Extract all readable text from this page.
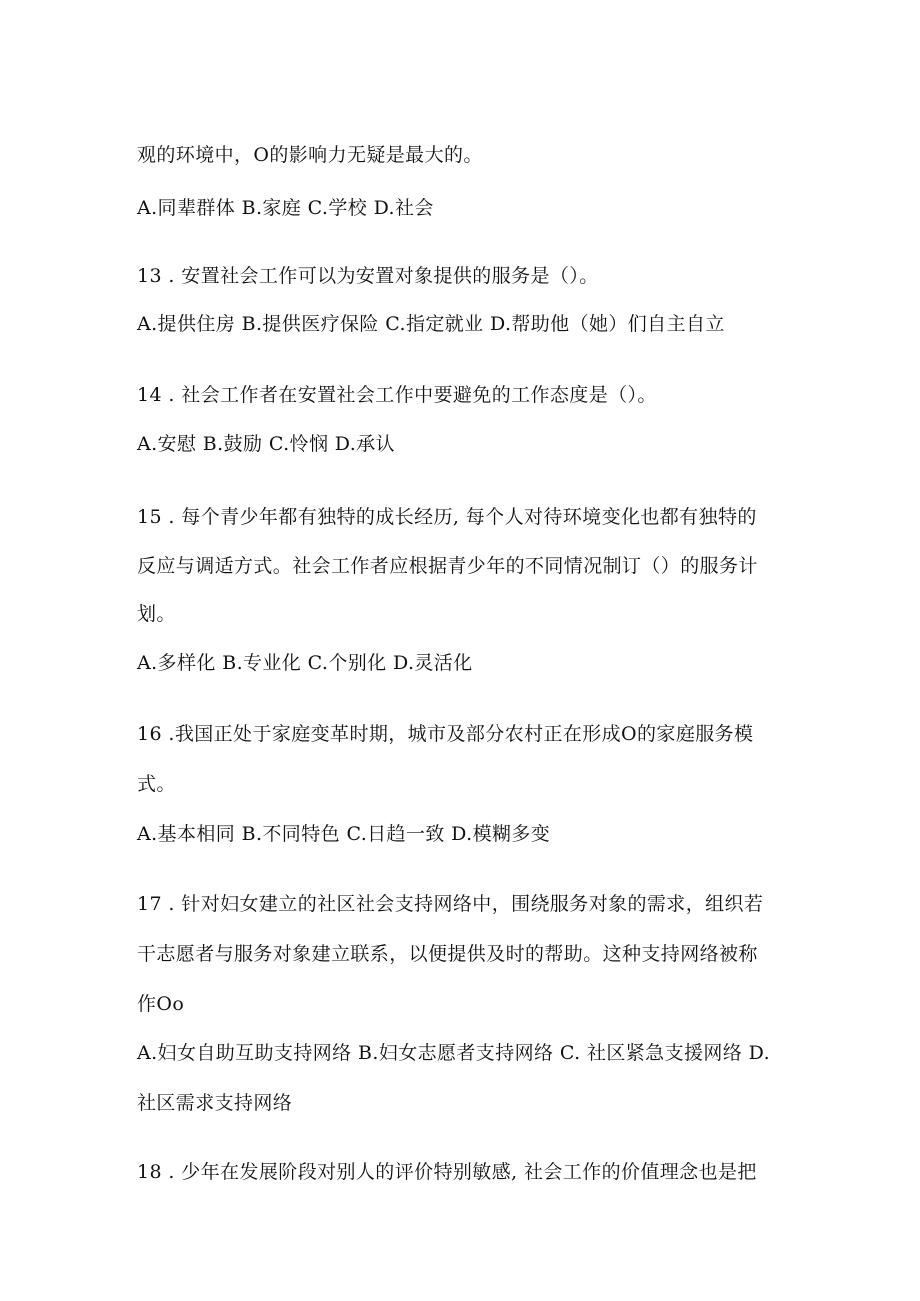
观的环境中，O的影响力无疑是最大的。
A.同辈群体 B.家庭 C.学校 D.社会
13 . 安置社会工作可以为安置对象提供的服务是（）。
A.提供住房 B.提供医疗保险 C.指定就业 D.帮助他（她）们自主自立
14 . 社会工作者在安置社会工作中要避免的工作态度是（）。
A.安慰 B.鼓励 C.怜悯 D.承认
15 . 每个青少年都有独特的成长经历, 每个人对待环境变化也都有独特的
反应与调适方式。社会工作者应根据青少年的不同情况制订（）的服务计
划。
A.多样化 B.专业化 C.个别化 D.灵活化
16 .我国正处于家庭变革时期，城市及部分农村正在形成O的家庭服务模
式。
A.基本相同 B.不同特色 C.日趋一致 D.模糊多变
17 . 针对妇女建立的社区社会支持网络中，围绕服务对象的需求，组织若
干志愿者与服务对象建立联系，以便提供及时的帮助。这种支持网络被称
作Oo
A.妇女自助互助支持网络 B.妇女志愿者支持网络 C. 社区紧急支援网络 D.
社区需求支持网络
18 . 少年在发展阶段对别人的评价特别敏感, 社会工作的价值理念也是把
